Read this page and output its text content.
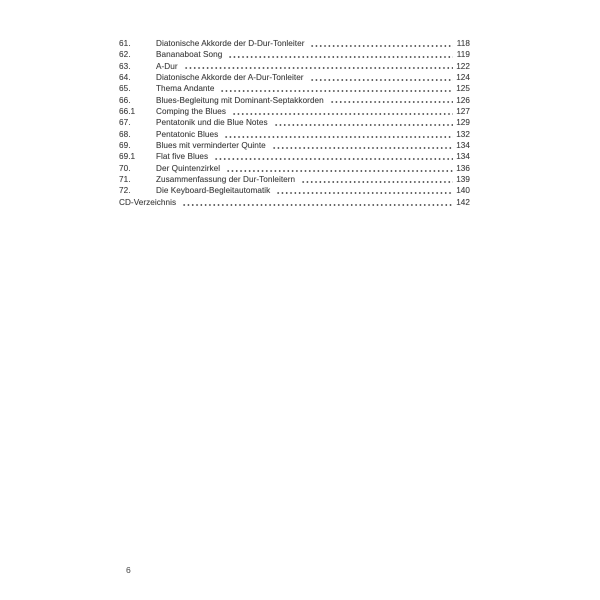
61.	Diatonische Akkorde der D-Dur-Tonleiter	118
62.	Bananaboat Song	119
63.	A-Dur	122
64.	Diatonische Akkorde der A-Dur-Tonleiter	124
65.	Thema Andante	125
66.	Blues-Begleitung mit Dominant-Septakkorden	126
66.1	Comping the Blues	127
67.	Pentatonik und die Blue Notes	129
68.	Pentatonic Blues	132
69.	Blues mit verminderter Quinte	134
69.1	Flat five Blues	134
70.	Der Quintenzirkel	136
71.	Zusammenfassung der Dur-Tonleitern	139
72.	Die Keyboard-Begleitautomatik	140
CD-Verzeichnis	142
6
